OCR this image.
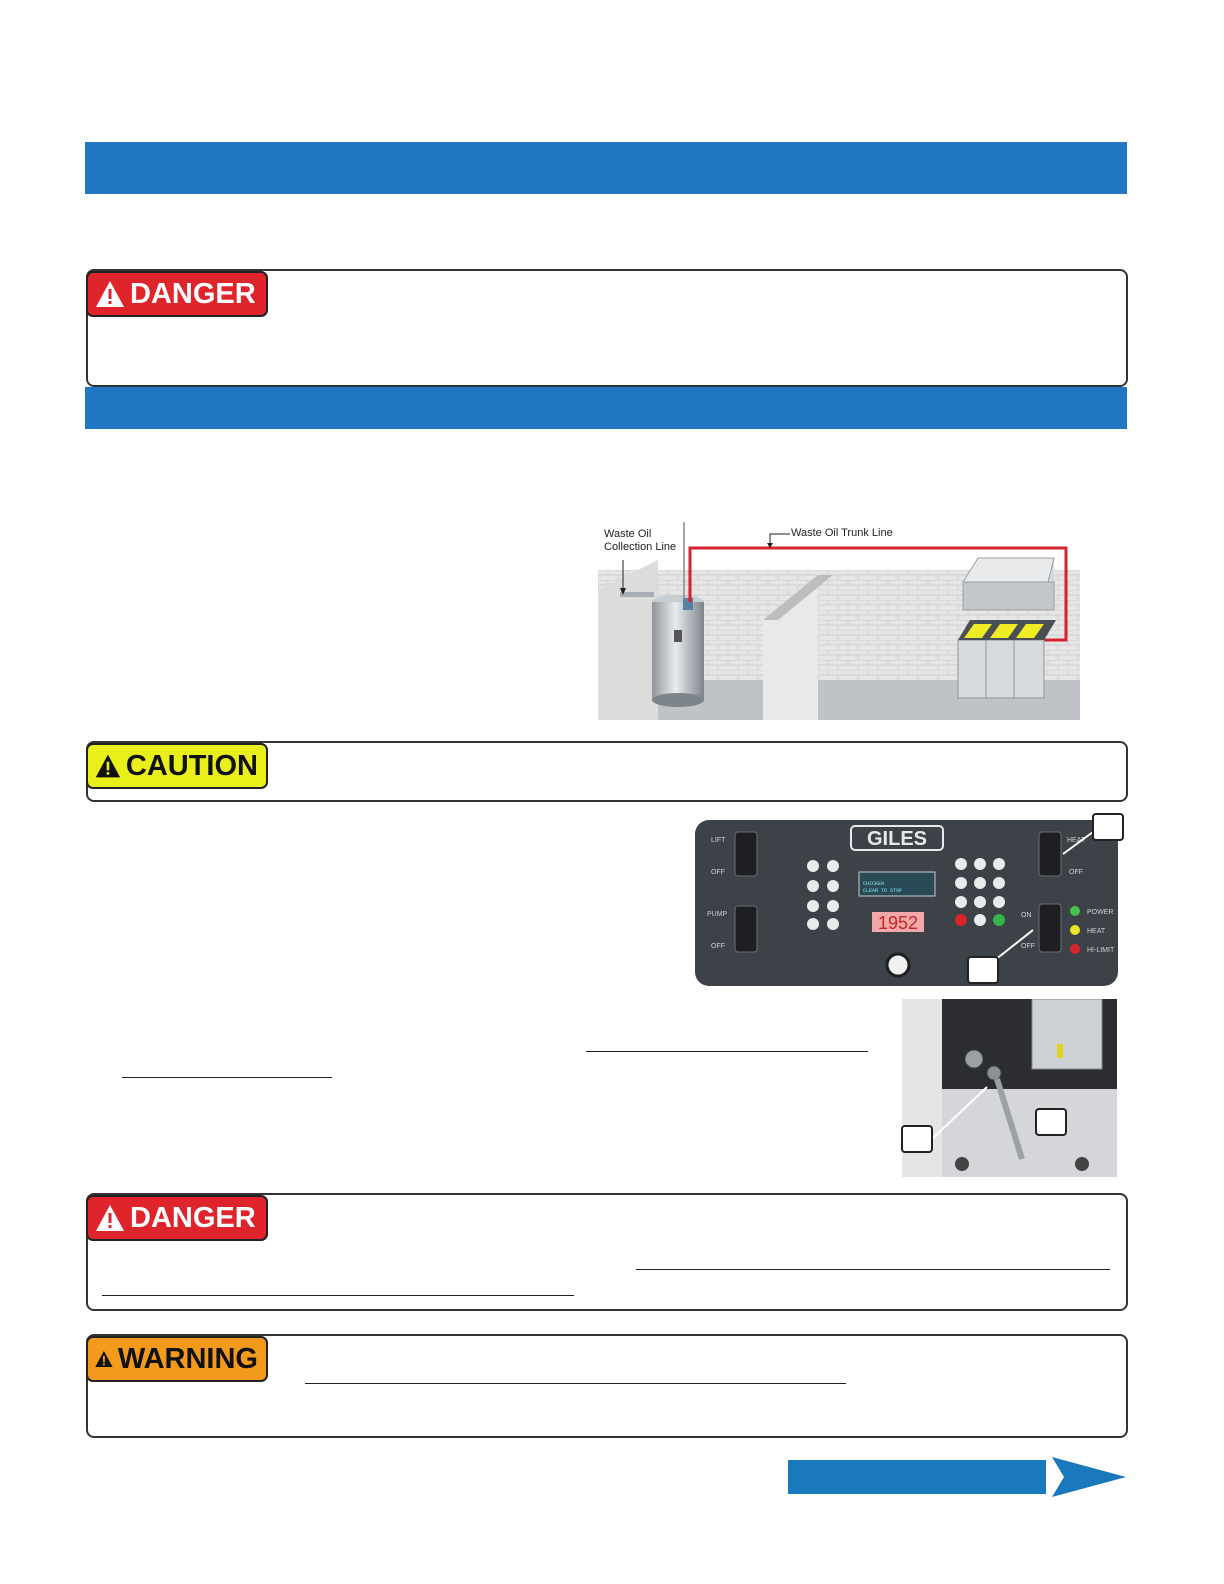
DANGER
Waste Oil
Collection Line
Waste Oil Trunk Line
CAUTION
GILES
LIFT
OFF
PUMP
OFF
CHICKEN
CLEAR TO STOP
1952
HEAT
OFF
ON
OFF
POWER
HEAT
HI-LIMIT
DANGER
WARNING
